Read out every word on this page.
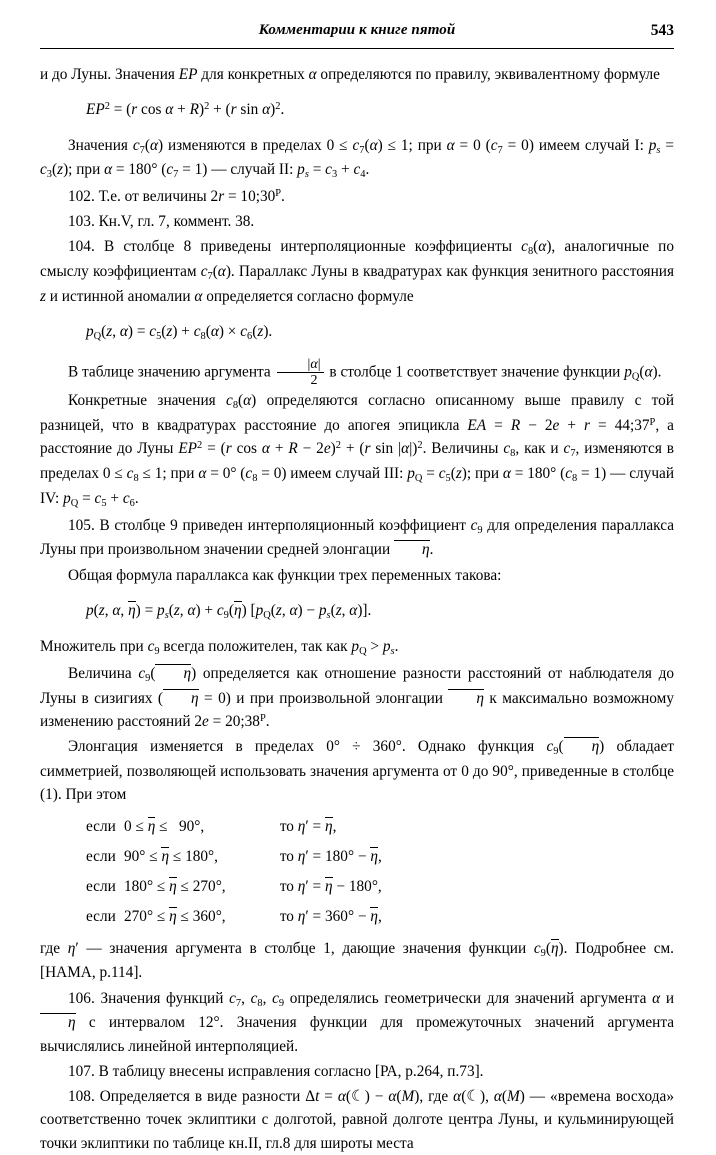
Комментарии к книге пятой	543

и до Луны. Значения ЕР для конкретных α определяются по правилу, эквивалентному формуле

$EP^2 = (r$ cos α + R)$^2$ + (r sin α)$^2$.

Значения c7(α) изменяются в пределах 0 ≤ c7(α) ≤ 1; при α = 0 (c7 = 0) имеем случай I: $p_s = c3(z)$; при α = 180° (c7 = 1) — случай II: $p_s = c3 + c4$.

102. Т.е. от величины $2r = 10;30^Р$.

103. Кн.V, гл. 7, коммент. 38.

104. В столбце 8 приведены интерполяционные коэффициенты c8(α), аналогичные по смыслу коэффициентам c7(α). Параллакс Луны в квадратурах как функция зенитного расстояния z и истинной аномалии α определяется согласно формуле

pQ(z, α) = c5(z) + c8(α) × c6(z).

В таблице значению аргумента $\frac{|\alpha|}{2}$ в столбце 1 соответствует значение функции pQ(α).

Конкретные значения c8(α) определяются согласно описанному выше правилу с той разницей, что в квадратурах расстояние до апогея эпицикла EA = $R - 2e + r = 44;37^Р$, а расстояние до Луны $EP^2 = (r$ cos α + R − 2e)$^2$ + (r sin |α|)$^2$. Величины c8, как и c7, изменяются в пределах 0 ≤ c8 ≤ 1; при α = 0° (c8 = 0) имеем случай III: pQ = c5(z); при α = 180° (c8 = 1) — случай IV: pQ = c5 + c6.

105. В столбце 9 приведен интерполяционный коэффициент c9 для определения параллакса Луны при произвольном значении средней элонгации η.

Общая формула параллакса как функции трех переменных такова:

p(z, α, $\eta) = p_s(z$, α) + c9(η) [pQ(z, $\alpha) - p_s(z$, α)].

Множитель при c9 всегда положителен, так как pQ > $p_s$.

Величина c9( η) определяется как отношение разности расстояний от наблюдателя до Луны в сизигиях ( η = 0) и при произвольной элонгации η к максимально возможному изменению расстояний $2e = 20;38^Р$.

Элонгация изменяется в пределах 0° ÷ 360°. Однако функция c9( η) обладает симметрией, позволяющей использовать значения аргумента от 0 до 90°, приведенные в столбце (1). При этом

если 0 ≤ η ≤   90°,	то η′ = η,
если 90° ≤ η ≤ 180°,	то η′ = 180° − η,
если 180° ≤ η ≤ 270°,	то η′ = η − 180°,
если 270° ≤ η ≤ 360°,	то η′ = 360° − η,

где η′ — значения аргумента в столбце 1, дающие значения функции c9(η). Подробнее см. [НАМА, р.114].

106. Значения функций c7, c8, c9 определялись геометрически для значений аргумента α и η с интервалом 12°. Значения функции для промежуточных значений аргумента вычислялись линейной интерполяцией.

107. В таблицу внесены исправления согласно [РА, р.264, п.73].

108. Определяется в виде разности Δt = α(☾) − α(M), где α(☾), α(M) — «времена восхода» соответственно точек эклиптики с долготой, равной долготе центра Луны, и кульминирующей точки эклиптики по таблице кн.II, гл.8 для широты места
